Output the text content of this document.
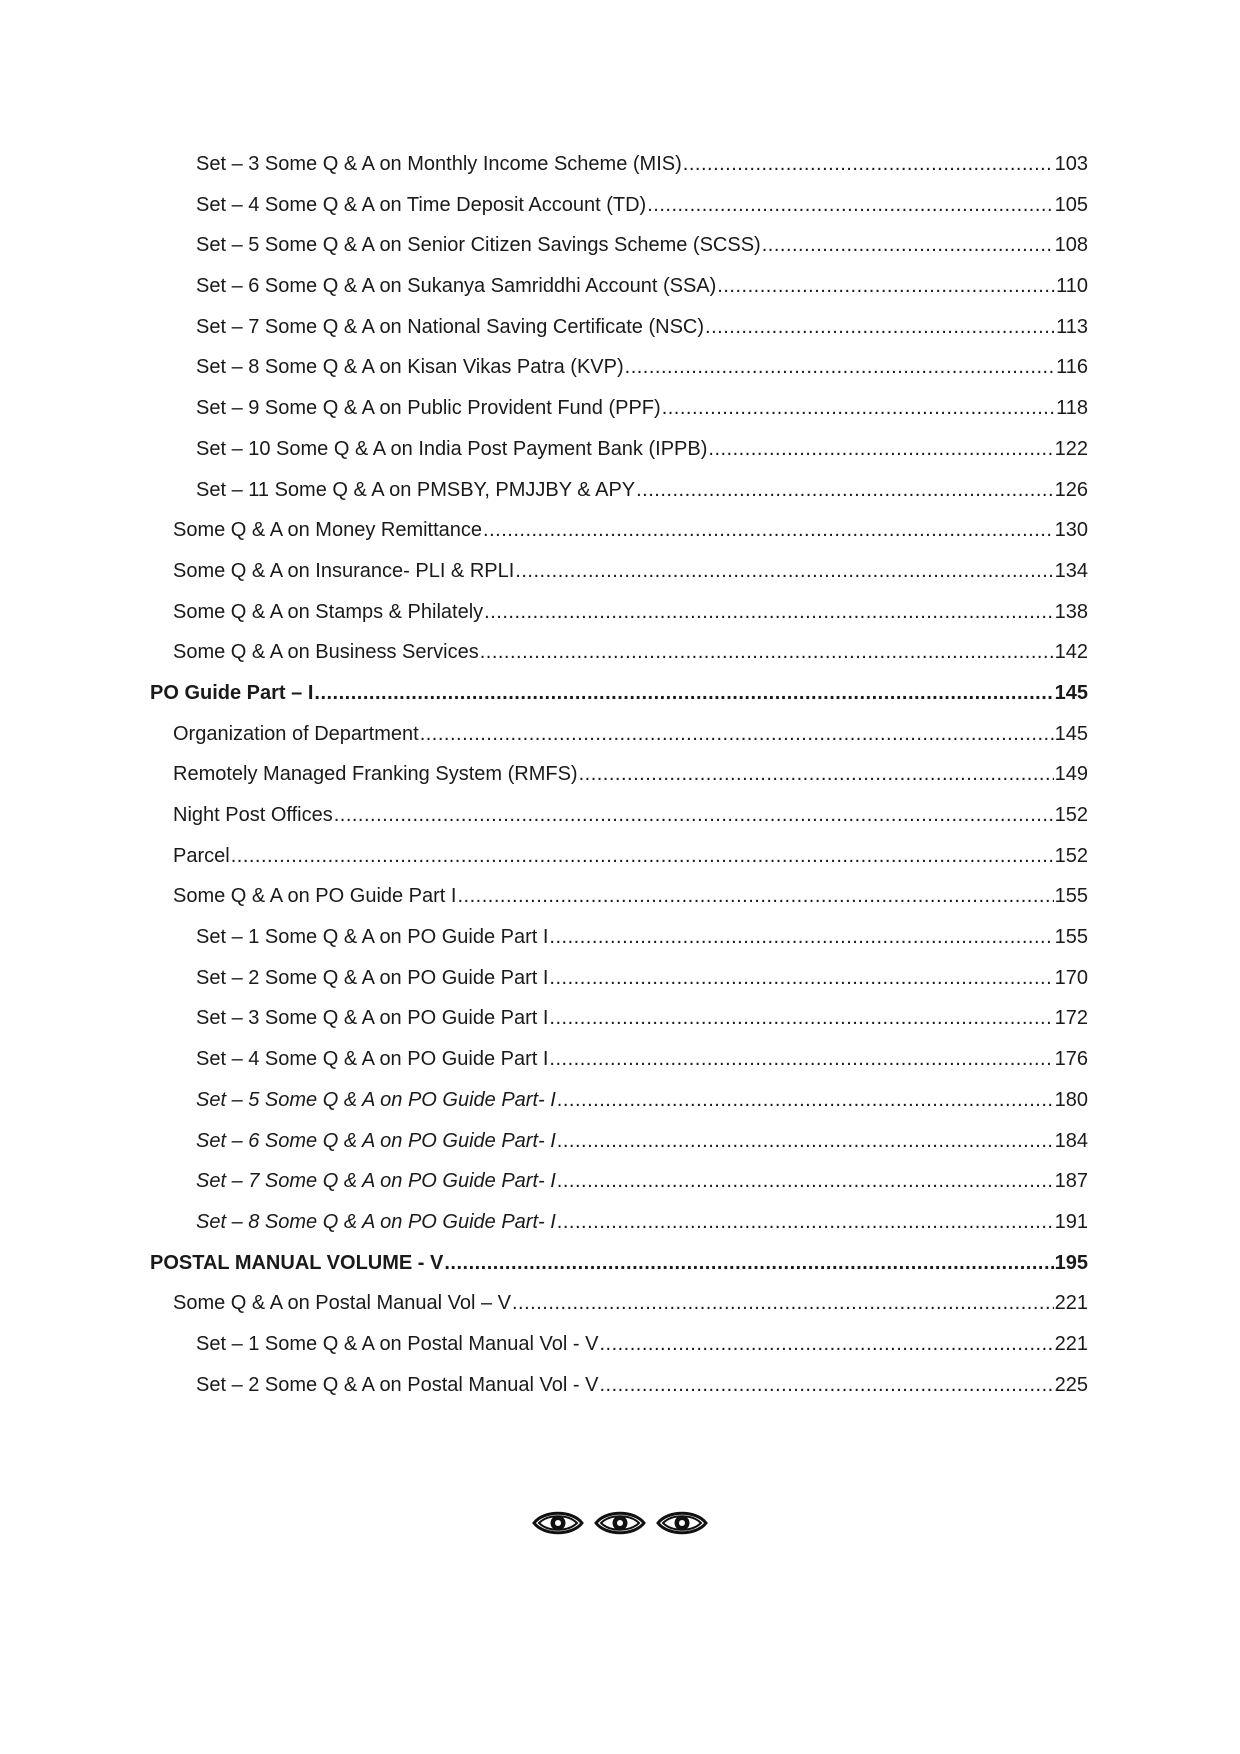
Set – 3 Some Q & A on Monthly Income Scheme (MIS) .....	103
Set – 4 Some Q & A on Time Deposit Account (TD) .....	105
Set – 5 Some Q & A on Senior Citizen Savings Scheme (SCSS) .....	108
Set – 6 Some Q & A on Sukanya Samriddhi Account (SSA) .....	110
Set – 7 Some Q & A on National Saving Certificate (NSC) .....	113
Set – 8 Some Q & A on Kisan Vikas Patra (KVP) .....	116
Set – 9 Some Q & A on Public Provident Fund (PPF) .....	118
Set – 10 Some Q & A on India Post Payment Bank (IPPB) .....	122
Set – 11 Some Q & A on PMSBY, PMJJBY & APY .....	126
Some Q & A on Money Remittance .....	130
Some Q & A on Insurance- PLI & RPLI .....	134
Some Q & A on Stamps & Philately .....	138
Some Q & A on Business Services .....	142
PO Guide Part – I .....	145
Organization of Department .....	145
Remotely Managed Franking System (RMFS) .....	149
Night Post Offices .....	152
Parcel .....	152
Some Q & A on PO Guide Part I .....	155
Set – 1 Some Q & A on PO Guide Part I .....	155
Set – 2 Some Q & A on PO Guide Part I .....	170
Set – 3 Some Q & A on PO Guide Part I .....	172
Set – 4 Some Q & A on PO Guide Part I .....	176
Set – 5 Some Q & A on PO Guide Part- I .....	180
Set – 6 Some Q & A on PO Guide Part- I .....	184
Set – 7 Some Q & A on PO Guide Part- I .....	187
Set – 8 Some Q & A on PO Guide Part- I .....	191
POSTAL MANUAL VOLUME - V .....	195
Some Q & A on Postal Manual Vol – V .....	221
Set – 1 Some Q & A on Postal Manual Vol - V .....	221
Set – 2 Some Q & A on Postal Manual Vol - V .....	225
